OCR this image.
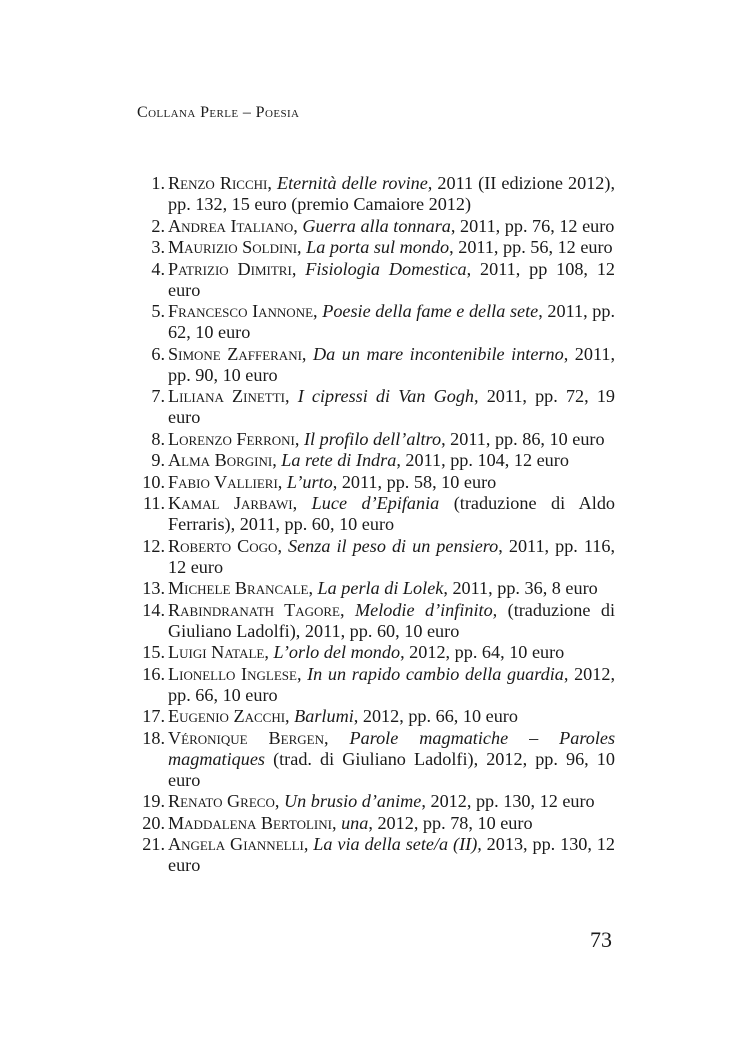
Collana Perle – Poesia
1. Renzo Ricchi, Eternità delle rovine, 2011 (II edizione 2012), pp. 132, 15 euro (premio Camaiore 2012)
2. Andrea Italiano, Guerra alla tonnara, 2011, pp. 76, 12 euro
3. Maurizio Soldini, La porta sul mondo, 2011, pp. 56, 12 euro
4. Patrizio Dimitri, Fisiologia Domestica, 2011, pp 108, 12 euro
5. Francesco Iannone, Poesie della fame e della sete, 2011, pp. 62, 10 euro
6. Simone Zafferani, Da un mare incontenibile interno, 2011, pp. 90, 10 euro
7. Liliana Zinetti, I cipressi di Van Gogh, 2011, pp. 72, 19 euro
8. Lorenzo Ferroni, Il profilo dell’altro, 2011, pp. 86, 10 euro
9. Alma Borgini, La rete di Indra, 2011, pp. 104, 12 euro
10. Fabio Vallieri, L’urto, 2011, pp. 58, 10 euro
11. Kamal Jarbawi, Luce d’Epifania (traduzione di Aldo Ferraris), 2011, pp. 60, 10 euro
12. Roberto Cogo, Senza il peso di un pensiero, 2011, pp. 116, 12 euro
13. Michele Brancale, La perla di Lolek, 2011, pp. 36, 8 euro
14. Rabindranath Tagore, Melodie d’infinito, (traduzione di Giuliano Ladolfi), 2011, pp. 60, 10 euro
15. Luigi Natale, L’orlo del mondo, 2012, pp. 64, 10 euro
16. Lionello Inglese, In un rapido cambio della guardia, 2012, pp. 66, 10 euro
17. Eugenio Zacchi, Barlumi, 2012, pp. 66, 10 euro
18. Véronique Bergen, Parole magmatiche – Paroles magmatiques (trad. di Giuliano Ladolfi), 2012, pp. 96, 10 euro
19. Renato Greco, Un brusio d’anime, 2012, pp. 130, 12 euro
20. Maddalena Bertolini, una, 2012, pp. 78, 10 euro
21. Angela Giannelli, La via della sete/a (II), 2013, pp. 130, 12 euro
73
